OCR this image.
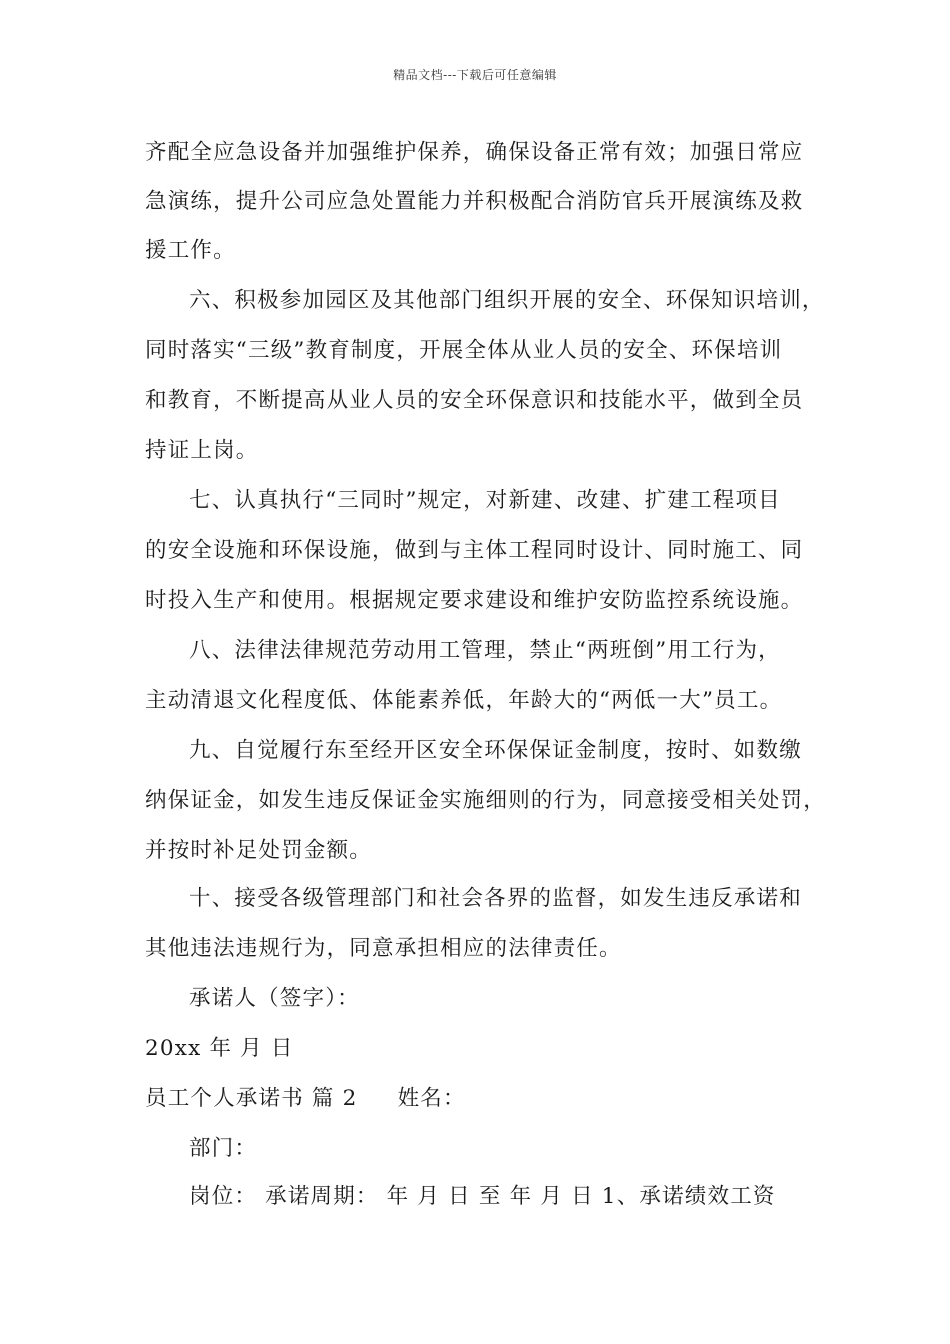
精品文档---下载后可任意编辑
齐配全应急设备并加强维护保养，确保设备正常有效；加强日常应
急演练，提升公司应急处置能力并积极配合消防官兵开展演练及救
援工作。
六、积极参加园区及其他部门组织开展的安全、环保知识培训，
同时落实“三级”教育制度，开展全体从业人员的安全、环保培训
和教育，不断提高从业人员的安全环保意识和技能水平，做到全员
持证上岗。
七、认真执行“三同时”规定，对新建、改建、扩建工程项目
的安全设施和环保设施，做到与主体工程同时设计、同时施工、同
时投入生产和使用。根据规定要求建设和维护安防监控系统设施。
八、法律法律规范劳动用工管理，禁止“两班倒”用工行为，
主动清退文化程度低、体能素养低，年龄大的“两低一大”员工。
九、自觉履行东至经开区安全环保保证金制度，按时、如数缴
纳保证金，如发生违反保证金实施细则的行为，同意接受相关处罚，
并按时补足处罚金额。
十、接受各级管理部门和社会各界的监督，如发生违反承诺和
其他违法违规行为，同意承担相应的法律责任。
承诺人（签字）：
20xx 年 月 日
员工个人承诺书 篇 2 姓名：
部门：
岗位： 承诺周期： 年 月 日 至 年 月 日 1、承诺绩效工资
